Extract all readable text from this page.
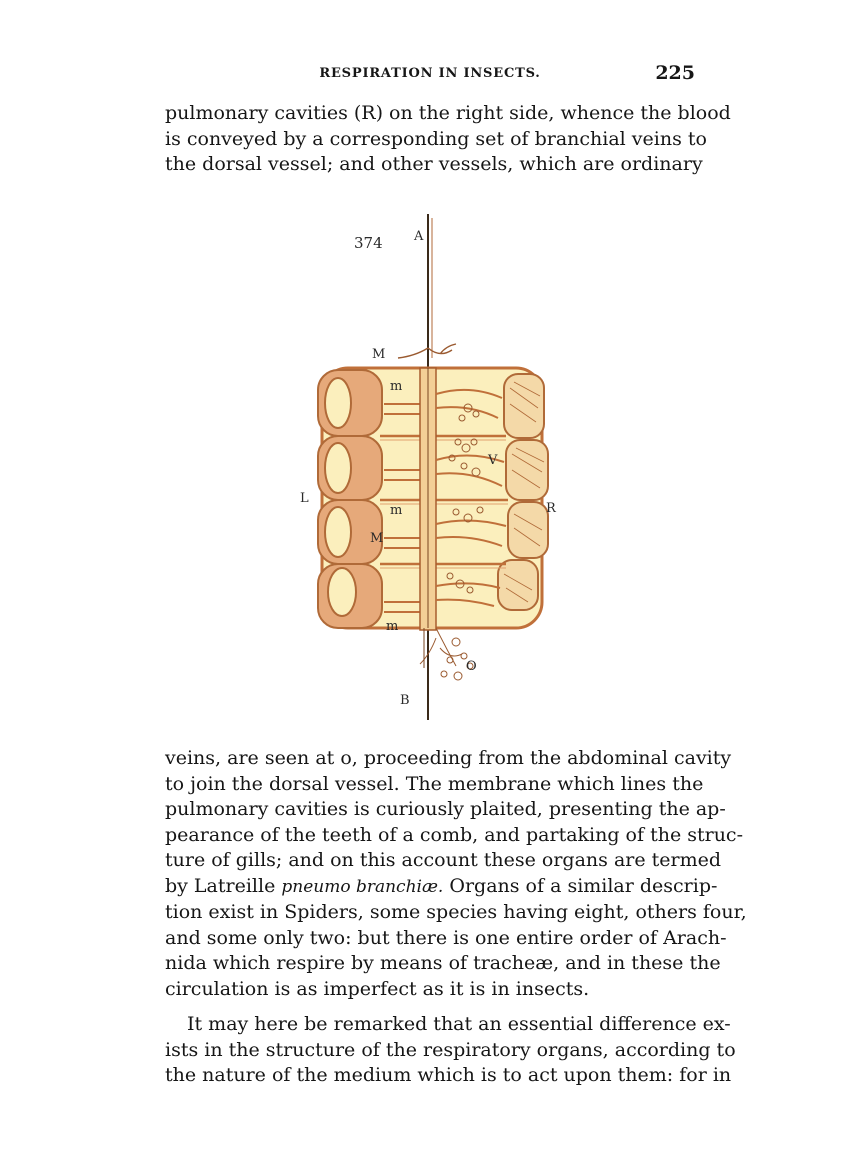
RESPIRATION IN INSECTS.	225
pulmonary cavities (R) on the right side, whence the blood
is conveyed by a corresponding set of branchial veins to
the dorsal vessel; and other vessels, which are ordinary
374 A
M
m
V
L
R
m
M
m
O
B
veins, are seen at o, proceeding from the abdominal cavity
to join the dorsal vessel. The membrane which lines the
pulmonary cavities is curiously plaited, presenting the ap-
pearance of the teeth of a comb, and partaking of the struc-
ture of gills; and on this account these organs are termed
by Latreille pneumo branchiæ. Organs of a similar descrip-
tion exist in Spiders, some species having eight, others four,
and some only two: but there is one entire order of Arach-
nida which respire by means of tracheæ, and in these the
circulation is as imperfect as it is in insects.
It may here be remarked that an essential difference ex-
ists in the structure of the respiratory organs, according to
the nature of the medium which is to act upon them: for in
